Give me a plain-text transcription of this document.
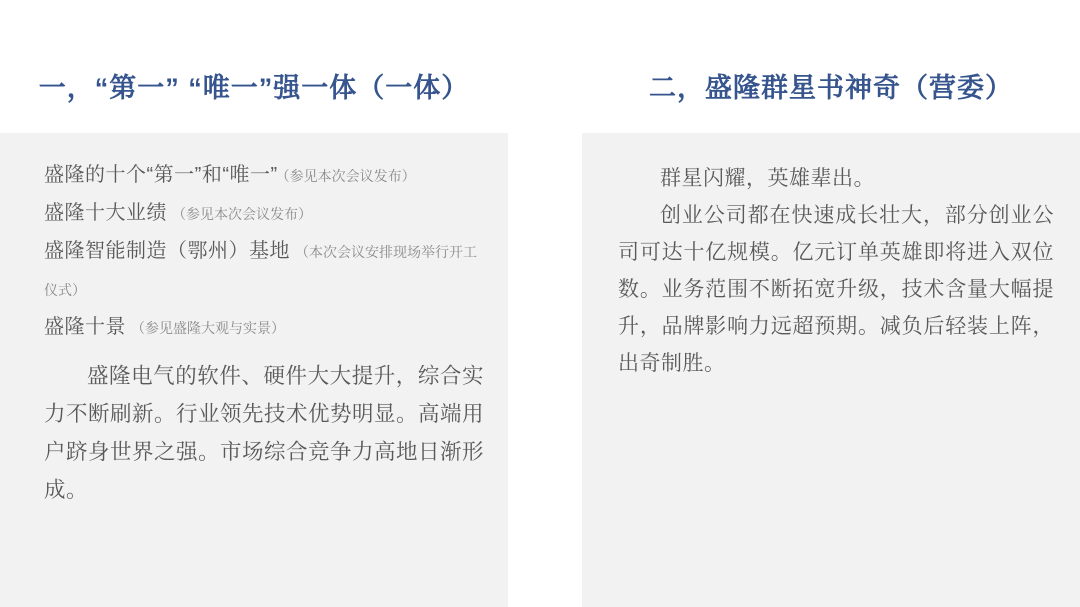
一，“第一” “唯一”强一体（一体）
盛隆的十个“第一”和“唯一” （参见本次会议发布）
盛隆十大业绩 （参见本次会议发布）
盛隆智能制造（鄂州）基地 （本次会议安排现场举行开工仪式）
盛隆十景 （参见盛隆大观与实景）

盛隆电气的软件、硬件大大提升，综合实力不断刷新。行业领先技术优势明显。高端用户跻身世界之强。市场综合竞争力高地日渐形成。

二，盛隆群星书神奇（营委）

群星闪耀，英雄辈出。

创业公司都在快速成长壮大，部分创业公司可达十亿规模。亿元订单英雄即将进入双位数。业务范围不断拓宽升级，技术含量大幅提升，品牌影响力远超预期。减负后轻装上阵，出奇制胜。
